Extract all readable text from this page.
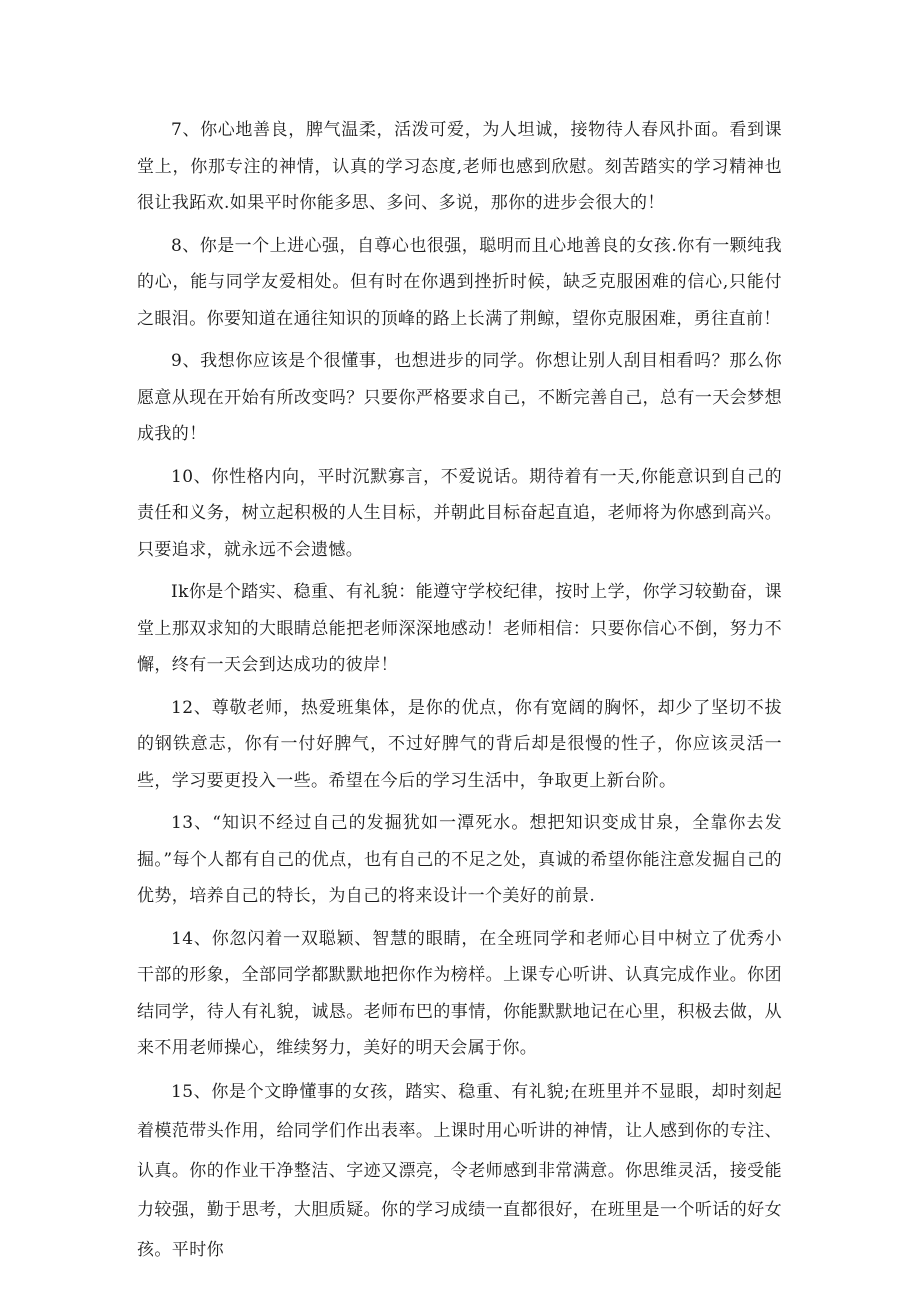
7、你心地善良，脾气温柔，活泼可爱，为人坦诚，接物待人春风扑面。看到课堂上，你那专注的神情，认真的学习态度,老师也感到欣慰。刻苦踏实的学习精神也很让我跖欢.如果平时你能多思、多问、多说，那你的进步会很大的！

8、你是一个上进心强，自尊心也很强，聪明而且心地善良的女孩.你有一颗纯我的心，能与同学友爱相处。但有时在你遇到挫折时候，缺乏克服困难的信心,只能付之眼泪。你要知道在通往知识的顶峰的路上长满了荆鲸，望你克服困难，勇往直前！

9、我想你应该是个很懂事，也想进步的同学。你想让别人刮目相看吗？那么你愿意从现在开始有所改变吗？只要你严格要求自己，不断完善自己，总有一天会梦想成我的！

10、你性格内向，平时沉默寡言，不爱说话。期待着有一天,你能意识到自己的责任和义务，树立起积极的人生目标，并朝此目标奋起直追，老师将为你感到高兴。只要追求，就永远不会遗憾。

Ik你是个踏实、稳重、有礼貌：能遵守学校纪律，按时上学，你学习较勤奋，课堂上那双求知的大眼睛总能把老师深深地感动！老师相信：只要你信心不倒，努力不懈，终有一天会到达成功的彼岸！

12、尊敬老师，热爱班集体，是你的优点，你有宽阔的胸怀，却少了坚切不拔的钢铁意志，你有一付好脾气，不过好脾气的背后却是很慢的性子，你应该灵活一些，学习要更投入一些。希望在今后的学习生活中，争取更上新台阶。

13、“知识不经过自己的发掘犹如一潭死水。想把知识变成甘泉，全靠你去发掘。”每个人都有自己的优点，也有自己的不足之处，真诚的希望你能注意发掘自己的优势，培养自己的特长，为自己的将来设计一个美好的前景.

14、你忽闪着一双聪颖、智慧的眼睛，在全班同学和老师心目中树立了优秀小干部的形象，全部同学都默默地把你作为榜样。上课专心听讲、认真完成作业。你团结同学，待人有礼貌，诚恳。老师布巴的事情，你能默默地记在心里，积极去做，从来不用老师操心，维续努力，美好的明天会属于你。

15、你是个文睁懂事的女孩，踏实、稳重、有礼貌;在班里并不显眼，却时刻起着模范带头作用，给同学们作出表率。上课时用心听讲的神情，让人感到你的专注、认真。你的作业干净整洁、字迹又漂亮，令老师感到非常满意。你思维灵活，接受能力较强，勤于思考，大胆质疑。你的学习成绩一直都很好，在班里是一个听话的好女孩。平时你
